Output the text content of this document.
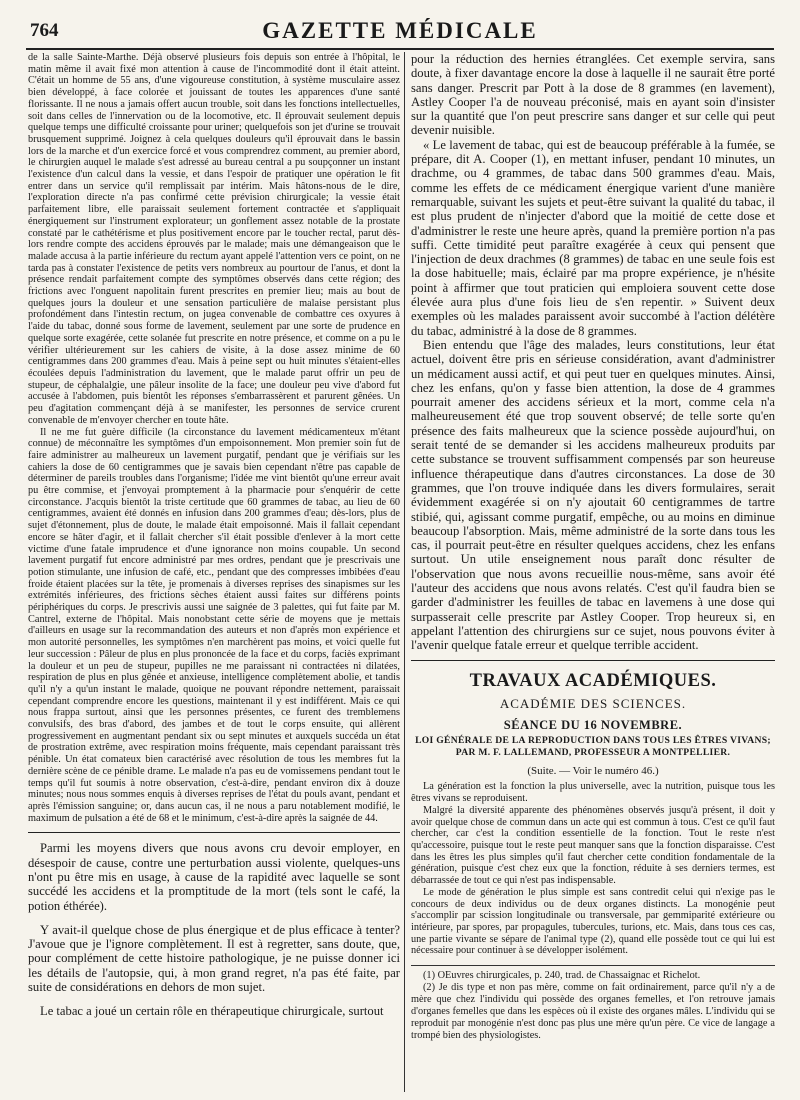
764	GAZETTE MÉDICALE

de la salle Sainte-Marthe. Déjà observé plusieurs fois depuis son entrée à l'hôpital, le matin même il avait fixé mon attention à cause de l'incommodité dont il était atteint. C'était un homme de 55 ans, d'une vigoureuse constitution, à système musculaire assez bien développé, à face colorée et jouissant de toutes les apparences d'une santé florissante. Il ne nous a jamais offert aucun trouble, soit dans les fonctions intellectuelles, soit dans celles de l'innervation ou de la locomotive, etc. Il éprouvait seulement depuis quelque temps une difficulté croissante pour uriner; quelquefois son jet d'urine se trouvait brusquement supprimé. Joignez à cela quelques douleurs qu'il éprouvait dans le bassin lors de la marche et d'un exercice forcé et vous comprendrez comment, au premier abord, le chirurgien auquel le malade s'est adressé au bureau central a pu soupçonner un instant l'existence d'un calcul dans la vessie, et dans l'espoir de pratiquer une opération le fit entrer dans un service qu'il remplissait par intérim. Mais hâtons-nous de le dire, l'exploration directe n'a pas confirmé cette prévision chirurgicale; la vessie était parfaitement libre, elle paraissait seulement fortement contractée et s'appliquait énergiquement sur l'instrument explorateur; un gonflement assez notable de la prostate constaté par le cathétérisme et plus positivement encore par le toucher rectal, parut dès-lors rendre compte des accidens éprouvés par le malade; mais une démangeaison que le malade accusa à la partie inférieure du rectum ayant appelé l'attention vers ce point, on ne tarda pas à constater l'existence de petits vers nombreux au pourtour de l'anus, et dont la présence rendait parfaitement compte des symptômes observés dans cette région; des frictions avec l'onguent napolitain furent prescrites en premier lieu; mais au bout de quelques jours la douleur et une sensation particulière de malaise persistant plus profondément dans l'intestin rectum, on jugea convenable de combattre ces oxyures à l'aide du tabac, donné sous forme de lavement, seulement par une sorte de prudence en quelque sorte exagérée, cette solanée fut prescrite en notre présence, et comme on a pu le vérifier ultérieurement sur les cahiers de visite, à la dose assez minime de 60 centigrammes dans 200 grammes d'eau. Mais à peine sept ou huit minutes s'étaient-elles écoulées depuis l'administration du lavement, que le malade parut offrir un peu de stupeur, de céphalalgie, une pâleur insolite de la face; une douleur peu vive d'abord fut accusée à l'abdomen, puis bientôt les réponses s'embarrassèrent et parurent gênées. Un peu d'agitation commençant déjà à se manifester, les personnes de service crurent convenable de m'envoyer chercher en toute hâte.

Il ne me fut guère difficile (la circonstance du lavement médicamenteux m'étant connue) de méconnaître les symptômes d'un empoisonnement. Mon premier soin fut de faire administrer au malheureux un lavement purgatif, pendant que je vérifiais sur les cahiers la dose de 60 centigrammes que je savais bien cependant n'être pas capable de déterminer de pareils troubles dans l'organisme; l'idée me vint bientôt qu'une erreur avait pu être commise, et j'envoyai promptement à la pharmacie pour s'enquérir de cette circonstance. J'acquis bientôt la triste certitude que 60 grammes de tabac, au lieu de 60 centigrammes, avaient été donnés en infusion dans 200 grammes d'eau; dès-lors, plus de sujet d'étonnement, plus de doute, le malade était empoisonné. Mais il fallait cependant encore se hâter d'agir, et il fallait chercher s'il était possible d'enlever à la mort cette victime d'une fatale imprudence et d'une ignorance non moins coupable. Un second lavement purgatif fut encore administré par mes ordres, pendant que je prescrivais une potion stimulante, une infusion de café, etc., pendant que des compresses imbibées d'eau froide étaient placées sur la tête, je promenais à diverses reprises des sinapismes sur les extrémités inférieures, des frictions sèches étaient aussi faites sur différens points périphériques du corps. Je prescrivis aussi une saignée de 3 palettes, qui fut faite par M. Cantrel, externe de l'hôpital. Mais nonobstant cette série de moyens que je mettais d'ailleurs en usage sur la recommandation des auteurs et non d'après mon expérience et mon autorité personnelles, les symptômes n'en marchèrent pas moins, et voici quelle fut leur succession : Pâleur de plus en plus prononcée de la face et du corps, faciès exprimant la douleur et un peu de stupeur, pupilles ne me paraissant ni contractées ni dilatées, respiration de plus en plus gênée et anxieuse, intelligence complètement abolie, et tandis qu'il n'y a qu'un instant le malade, quoique ne pouvant répondre nettement, paraissait cependant comprendre encore les questions, maintenant il y est indifférent. Mais ce qui nous frappa surtout, ainsi que les personnes présentes, ce furent des tremblemens convulsifs, des bras d'abord, des jambes et de tout le corps ensuite, qui allèrent progressivement en augmentant pendant six ou sept minutes et auxquels succéda un état de prostration extrême, avec respiration moins fréquente, mais cependant paraissant très pénible. Un état comateux bien caractérisé avec résolution de tous les membres fut la dernière scène de ce pénible drame. Le malade n'a pas eu de vomissemens pendant tout le temps qu'il fut soumis à notre observation, c'est-à-dire, pendant environ dix à douze minutes; nous nous sommes enquis à diverses reprises de l'état du pouls avant, pendant et après l'émission sanguine; or, dans aucun cas, il ne nous a paru notablement modifié, le maximum de pulsation a été de 68 et le minimum, c'est-à-dire après la saignée de 44.

Parmi les moyens divers que nous avons cru devoir employer, en désespoir de cause, contre une perturbation aussi violente, quelques-uns n'ont pu être mis en usage, à cause de la rapidité avec laquelle se sont succédé les accidens et la promptitude de la mort (tels sont le café, la potion éthérée).

Y avait-il quelque chose de plus énergique et de plus efficace à tenter? J'avoue que je l'ignore complètement. Il est à regretter, sans doute, que, pour complément de cette histoire pathologique, je ne puisse donner ici les détails de l'autopsie, qui, à mon grand regret, n'a pas été faite, par suite de considérations en dehors de mon sujet.

Le tabac a joué un certain rôle en thérapeutique chirurgicale, surtout

pour la réduction des hernies étranglées. Cet exemple servira, sans doute, à fixer davantage encore la dose à laquelle il ne saurait être porté sans danger. Prescrit par Pott à la dose de 8 grammes (en lavement), Astley Cooper l'a de nouveau préconisé, mais en ayant soin d'insister sur la quantité que l'on peut prescrire sans danger et sur celle qui peut devenir nuisible.

« Le lavement de tabac, qui est de beaucoup préférable à la fumée, se prépare, dit A. Cooper (1), en mettant infuser, pendant 10 minutes, un drachme, ou 4 grammes, de tabac dans 500 grammes d'eau. Mais, comme les effets de ce médicament énergique varient d'une manière remarquable, suivant les sujets et peut-être suivant la qualité du tabac, il est plus prudent de n'injecter d'abord que la moitié de cette dose et d'administrer le reste une heure après, quand la première portion n'a pas suffi. Cette timidité peut paraître exagérée à ceux qui pensent que l'injection de deux drachmes (8 grammes) de tabac en une seule fois est la dose habituelle; mais, éclairé par ma propre expérience, je n'hésite point à affirmer que tout praticien qui emploiera souvent cette dose élevée aura plus d'une fois lieu de s'en repentir. » Suivent deux exemples où les malades paraissent avoir succombé à l'action délétère du tabac, administré à la dose de 8 grammes.

Bien entendu que l'âge des malades, leurs constitutions, leur état actuel, doivent être pris en sérieuse considération, avant d'administrer un médicament aussi actif, et qui peut tuer en quelques minutes. Ainsi, chez les enfans, qu'on y fasse bien attention, la dose de 4 grammes pourrait amener des accidens sérieux et la mort, comme cela n'a malheureusement été que trop souvent observé; de telle sorte qu'en présence des faits malheureux que la science possède aujourd'hui, on serait tenté de se demander si les accidens malheureux produits par cette substance se trouvent suffisamment compensés par son heureuse influence thérapeutique dans d'autres circonstances. La dose de 30 grammes, que l'on trouve indiquée dans les divers formulaires, serait évidemment exagérée si on n'y ajoutait 60 centigrammes de tartre stibié, qui, agissant comme purgatif, empêche, ou au moins en diminue beaucoup l'absorption. Mais, même administré de la sorte dans tous les cas, il pourrait peut-être en résulter quelques accidens, chez les enfans surtout. Un utile enseignement nous paraît donc résulter de l'observation que nous avons recueillie nous-même, sans avoir été l'auteur des accidens que nous avons relatés. C'est qu'il faudra bien se garder d'administrer les feuilles de tabac en lavemens à une dose qui surpasserait celle prescrite par Astley Cooper. Trop heureux si, en appelant l'attention des chirurgiens sur ce sujet, nous pouvons éviter à l'avenir quelque fatale erreur et quelque terrible accident.

TRAVAUX ACADÉMIQUES.
ACADÉMIE DES SCIENCES.
SÉANCE DU 16 NOVEMBRE.
LOI GÉNÉRALE DE LA REPRODUCTION DANS TOUS LES ÊTRES VIVANS; PAR M. F. LALLEMAND, PROFESSEUR A MONTPELLIER.
(Suite. — Voir le numéro 46.)

La génération est la fonction la plus universelle, avec la nutrition, puisque tous les êtres vivans se reproduisent.

Malgré la diversité apparente des phénomènes observés jusqu'à présent, il doit y avoir quelque chose de commun dans un acte qui est commun à tous. C'est ce qu'il faut chercher, car c'est la condition essentielle de la fonction. Tout le reste n'est qu'accessoire, puisque tout le reste peut manquer sans que la fonction disparaisse. C'est dans les êtres les plus simples qu'il faut chercher cette condition fondamentale de la génération, puisque c'est chez eux que la fonction, réduite à ses derniers termes, est débarrassée de tout ce qui n'est pas indispensable.

Le mode de génération le plus simple est sans contredit celui qui n'exige pas le concours de deux individus ou de deux organes distincts. La monogénie peut s'accomplir par scission longitudinale ou transversale, par gemmiparité extérieure ou intérieure, par spores, par propagules, tubercules, turions, etc. Mais, dans tous ces cas, une partie vivante se sépare de l'animal type (2), quand elle possède tout ce qui lui est nécessaire pour continuer à se développer isolément.

(1) OEuvres chirurgicales, p. 240, trad. de Chassaignac et Richelot.

(2) Je dis type et non pas mère, comme on fait ordinairement, parce qu'il n'y a de mère que chez l'individu qui possède des organes femelles, et l'on retrouve jamais d'organes femelles que dans les espèces où il existe des organes mâles. L'individu qui se reproduit par monogénie n'est donc pas plus une mère qu'un père. Ce vice de langage a trompé bien des physiologistes.
